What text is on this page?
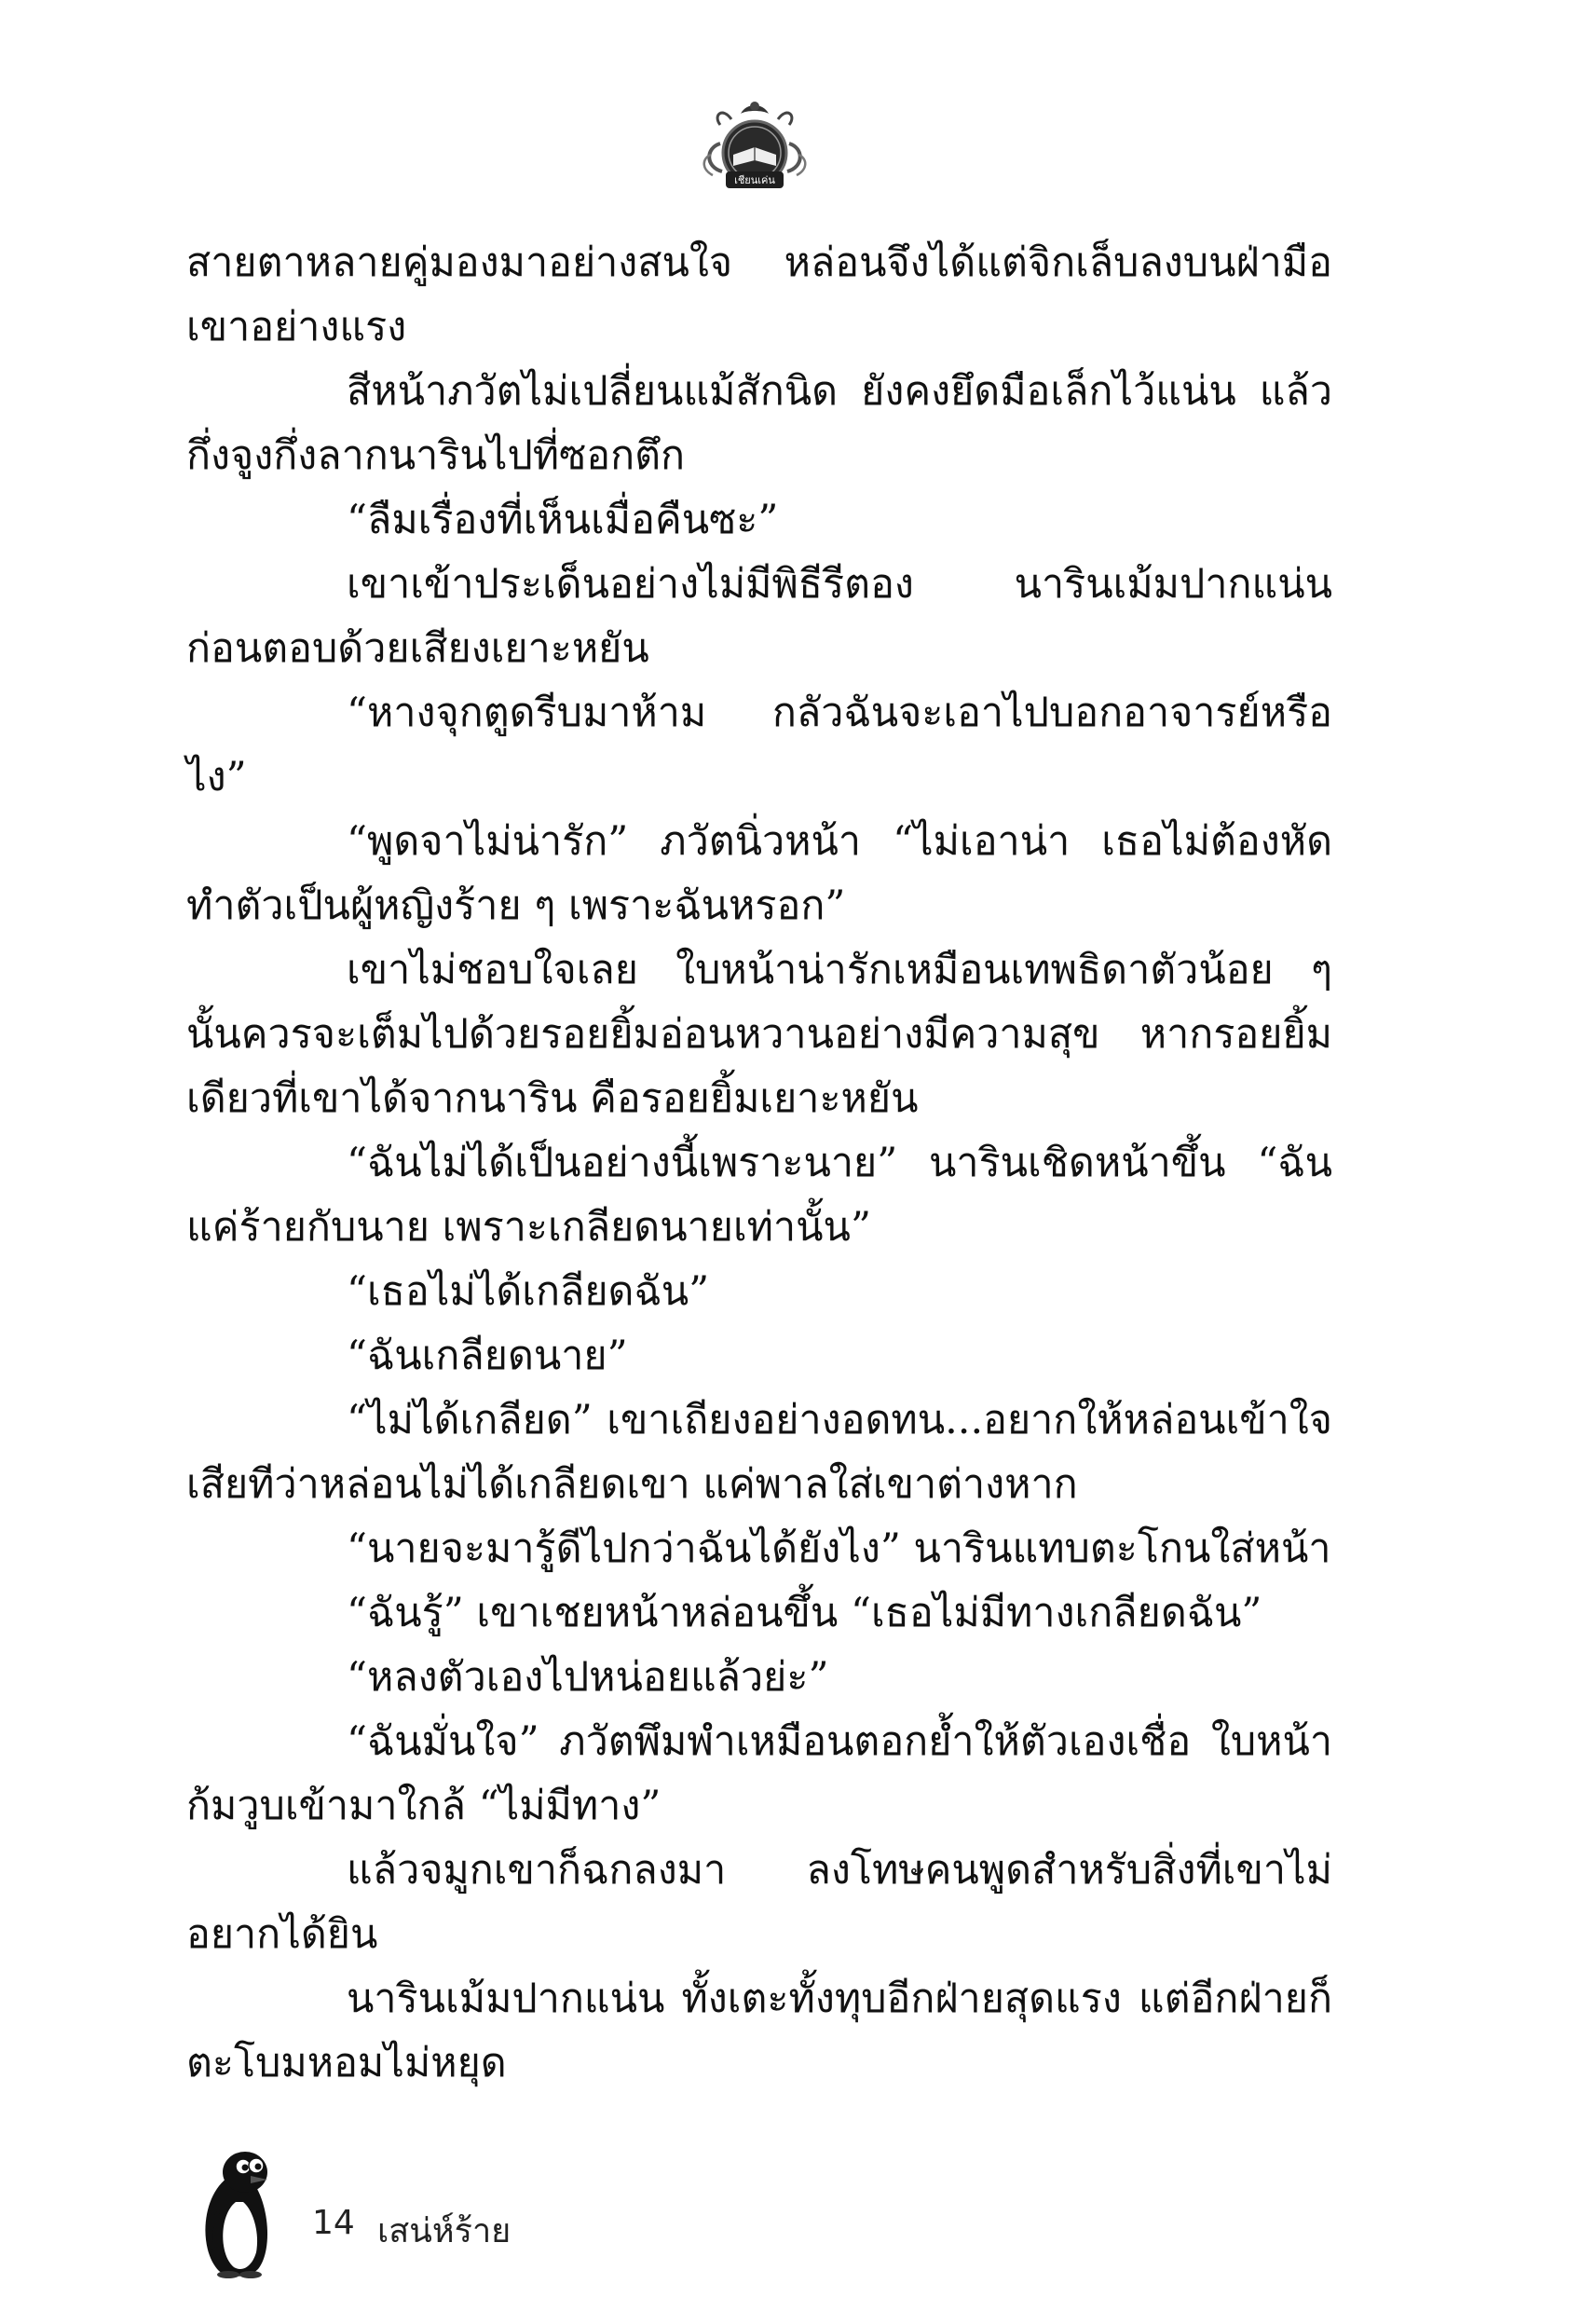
เชียนเค่น

สายตาหลายคู่มองมาอย่างสนใจ หล่อนจึงได้แต่จิกเล็บลงบนฝ่ามือเขาอย่างแรง

สีหน้าภวัตไม่เปลี่ยนแม้สักนิด ยังคงยึดมือเล็กไว้แน่น แล้วกึ่งจูงกึ่งลากนารินไปที่ซอกตึก

“ลืมเรื่องที่เห็นเมื่อคืนซะ”

เขาเข้าประเด็นอย่างไม่มีพิธีรีตอง นารินเม้มปากแน่น ก่อนตอบด้วยเสียงเยาะหยัน

“หางจุกตูดรีบมาห้าม กลัวฉันจะเอาไปบอกอาจารย์หรือไง”

“พูดจาไม่น่ารัก” ภวัตนิ่วหน้า “ไม่เอาน่า เธอไม่ต้องหัดทำตัวเป็นผู้หญิงร้าย ๆ เพราะฉันหรอก”

เขาไม่ชอบใจเลย ใบหน้าน่ารักเหมือนเทพธิดาตัวน้อย ๆ นั้นควรจะเต็มไปด้วยรอยยิ้มอ่อนหวานอย่างมีความสุข หากรอยยิ้มเดียวที่เขาได้จากนาริน คือรอยยิ้มเยาะหยัน

“ฉันไม่ได้เป็นอย่างนี้เพราะนาย” นารินเชิดหน้าขึ้น “ฉันแค่ร้ายกับนาย เพราะเกลียดนายเท่านั้น”

“เธอไม่ได้เกลียดฉัน”

“ฉันเกลียดนาย”

“ไม่ได้เกลียด” เขาเถียงอย่างอดทน...อยากให้หล่อนเข้าใจเสียทีว่าหล่อนไม่ได้เกลียดเขา แค่พาลใส่เขาต่างหาก

“นายจะมารู้ดีไปกว่าฉันได้ยังไง” นารินแทบตะโกนใส่หน้า

“ฉันรู้” เขาเชยหน้าหล่อนขึ้น “เธอไม่มีทางเกลียดฉัน”

“หลงตัวเองไปหน่อยแล้วย่ะ”

“ฉันมั่นใจ” ภวัตพึมพำเหมือนตอกย้ำให้ตัวเองเชื่อ ใบหน้าก้มวูบเข้ามาใกล้ “ไม่มีทาง”

แล้วจมูกเขาก็ฉกลงมา ลงโทษคนพูดสำหรับสิ่งที่เขาไม่อยากได้ยิน

นารินเม้มปากแน่น ทั้งเตะทั้งทุบอีกฝ่ายสุดแรง แต่อีกฝ่ายก็ตะโบมหอมไม่หยุด

14 เสน่ห์ร้าย
